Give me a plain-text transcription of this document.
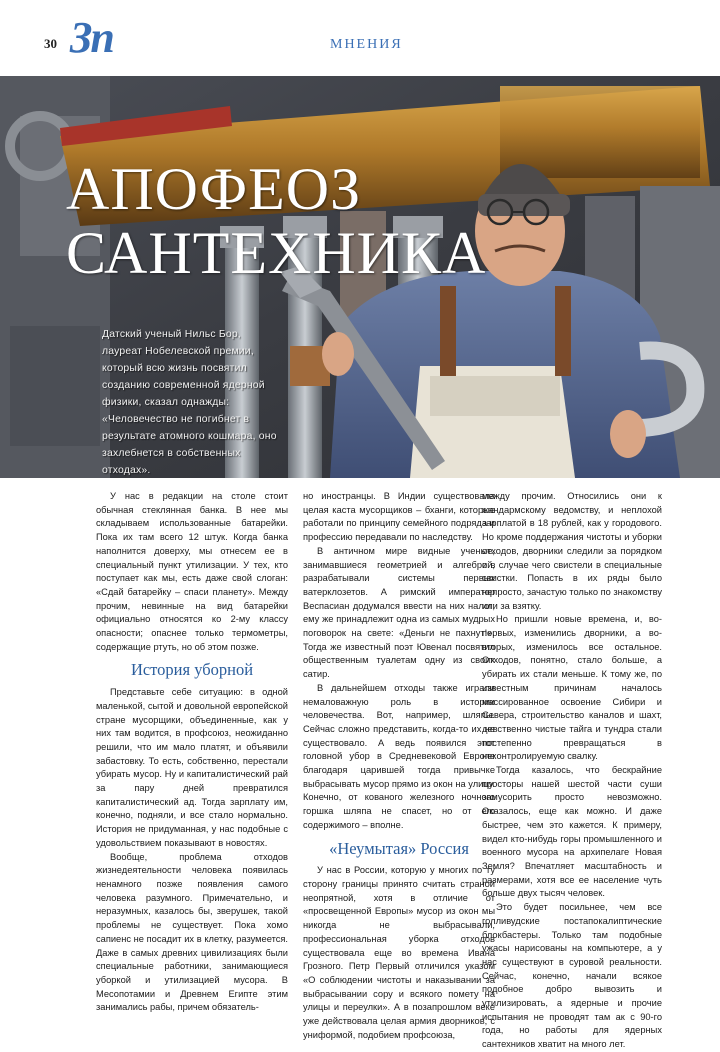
30 Зп	МНЕНИЯ
АПОФЕОЗ
САНТЕХНИКА
Датский ученый Нильс Бор, лауреат Нобелевской премии, который всю жизнь посвятил созданию современной ядерной физики, сказал однажды: «Человечество не погибнет в результате атомного кошмара, оно захлебнется в собственных отходах».

У нас в редакции на столе стоит обычная стеклянная банка. В нее мы складываем использованные батарейки. Пока их там всего 12 штук. Когда банка наполнится доверху, мы отнесем ее в специальный пункт утилизации. У тех, кто поступает как мы, есть даже свой слоган: «Сдай батарейку – спаси планету». Между прочим, невинные на вид батарейки официально относятся ко 2-му классу опасности; опаснее только термометры, содержащие ртуть, но об этом позже.

История уборной

Представьте себе ситуацию: в одной маленькой, сытой и довольной европейской стране мусорщики, объединенные, как у них там водится, в профсоюз, неожиданно решили, что им мало платят, и объявили забастовку. То есть, собственно, перестали убирать мусор. Ну и капиталистический рай за пару дней превратился капиталистический ад. Тогда зарплату им, конечно, подняли, и все стало нормально. История не придуманная, у нас подобные с удовольствием показывают в новостях.

Вообще, проблема отходов жизнедеятельности человека появилась ненамного позже появления самого человека разумного. Примечательно, и неразумных, казалось бы, зверушек, такой проблемы не существует. Пока хомо сапиенс не посадит их в клетку, разумеется. Даже в самых древних цивилизациях были специальные работники, занимающиеся уборкой и утилизацией мусора. В Месопотамии и Древнем Египте этим занимались рабы, причем обязатель-

но иностранцы. В Индии существовала целая каста мусорщиков – бханги, которые работали по принципу семейного подряда и профессию передавали по наследству.

В античном мире видные ученые, занимавшиеся геометрией и алгеброй, разрабатывали системы первых ватерклозетов. А римский император Веспасиан додумался ввести на них налог; ему же принадлежит одна из самых мудрых поговорок на свете: «Деньги не пахнут!». Тогда же известный поэт Ювенал посвятил общественным туалетам одну из своих сатир.

В дальнейшем отходы также играли немаловажную роль в истории человечества. Вот, например, шляпы. Сейчас сложно представить, когда-то их не существовало. А ведь появился этот головной убор в Средневековой Европе благодаря царившей тогда привычке выбрасывать мусор прямо из окон на улицу. Конечно, от кованого железного ночного горшка шляпа не спасет, но от его содержимого – вполне.

«Неумытая» Россия

У нас в России, которую у многих по ту сторону границы принято считать страной неопрятной, хотя в отличие от «просвещенной Европы» мусор из окон мы никогда не выбрасывали, профессиональная уборка отходов существовала еще во времена Ивана Грозного. Петр Первый отличился указом «О соблюдении чистоты и наказывании за выбрасывании сору и всякого помету на улицы и переулки». А в позапрошлом веке уже действовала целая армия дворников, с униформой, подобием профсоюза,

между прочим. Относились они к жандармскому ведомству, и неплохой зарплатой в 18 рублей, как у городового. Но кроме поддержания чистоты и уборки отходов, дворники следили за порядком и в случае чего свистели в специальные свистки. Попасть в их ряды было непросто, зачастую только по знакомству или за взятку.

Но пришли новые времена, и, во-первых, изменились дворники, а во-вторых, изменилось все остальное. Отходов, понятно, стало больше, а убирать их стали меньше. К тому же, по известным причинам началось массированное освоение Сибири и Севера, строительство каналов и шахт, девственно чистые тайга и тундра стали постепенно превращаться в неконтролируемую свалку.

Тогда казалось, что бескрайние просторы нашей шестой части суши замусорить просто невозможно. Оказалось, еще как можно. И даже быстрее, чем это кажется. К примеру, видел кто-нибудь горы промышленного и военного мусора на архипелаге Новая Земля? Впечатляет масштабность и размерами, хотя все ее население чуть больше двух тысяч человек.

Это будет посильнее, чем все голливудские постапокалиптические блокбастеры. Только там подобные ужасы нарисованы на компьютере, а у нас существуют в суровой реальности. Сейчас, конечно, начали всякое подобное добро вывозить и утилизировать, а ядерные и прочие испытания не проводят там ак с 90-го года, но работы для ядерных сантехников хватит на много лет.
